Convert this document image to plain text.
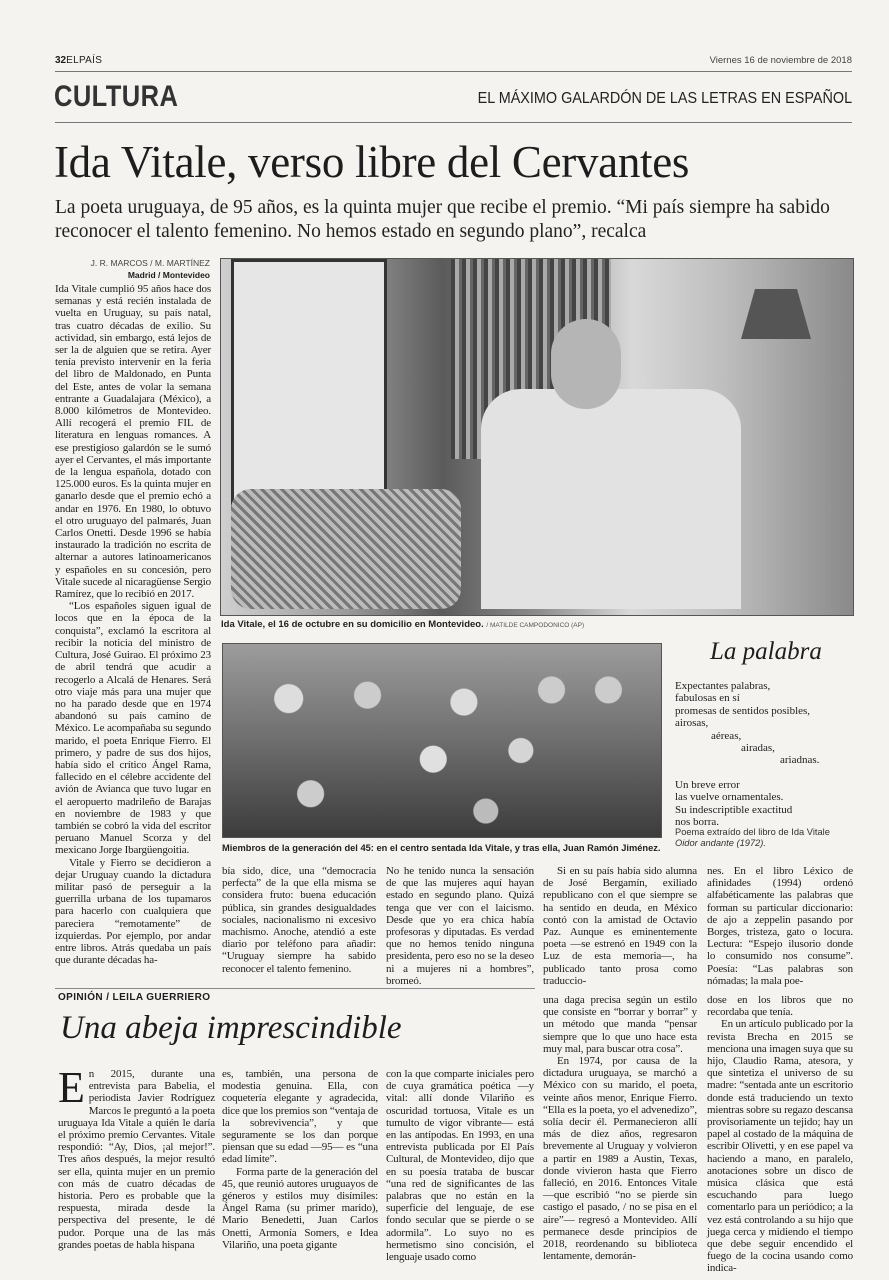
32ELPAÍS	Viernes 16 de noviembre de 2018
CULTURA	EL MÁXIMO GALARDÓN DE LAS LETRAS EN ESPAÑOL
Ida Vitale, verso libre del Cervantes
La poeta uruguaya, de 95 años, es la quinta mujer que recibe el premio. “Mi país siempre ha sabido reconocer el talento femenino. No hemos estado en segundo plano”, recalca
J. R. MARCOS / M. MARTÍNEZ
Madrid / Montevideo

Ida Vitale cumplió 95 años hace dos semanas y está recién instalada de vuelta en Uruguay, su país natal, tras cuatro décadas de exilio. Su actividad, sin embargo, está lejos de ser la de alguien que se retira. Ayer tenía previsto intervenir en la feria del libro de Maldonado, en Punta del Este, antes de volar la semana entrante a Guadalajara (México), a 8.000 kilómetros de Montevideo. Allí recogerá el premio FIL de literatura en lenguas romances. A ese prestigioso galardón se le sumó ayer el Cervantes, el más importante de la lengua española, dotado con 125.000 euros. Es la quinta mujer en ganarlo desde que el premio echó a andar en 1976. En 1980, lo obtuvo el otro uruguayo del palmarés, Juan Carlos Onetti. Desde 1996 se había instaurado la tradición no escrita de alternar a autores latinoamericanos y españoles en su concesión, pero Vitale sucede al nicaragüense Sergio Ramírez, que lo recibió en 2017.

“Los españoles siguen igual de locos que en la época de la conquista”, exclamó la escritora al recibir la noticia del ministro de Cultura, José Guirao. El próximo 23 de abril tendrá que acudir a recogerlo a Alcalá de Henares. Será otro viaje más para una mujer que no ha parado desde que en 1974 abandonó su país camino de México. Le acompañaba su segundo marido, el poeta Enrique Fierro. El primero, y padre de sus dos hijos, había sido el crítico Ángel Rama, fallecido en el célebre accidente del avión de Avianca que tuvo lugar en el aeropuerto madrileño de Barajas en noviembre de 1983 y que también se cobró la vida del escritor peruano Manuel Scorza y del mexicano Jorge Ibargüengoitia.

Vitale y Fierro se decidieron a dejar Uruguay cuando la dictadura militar pasó de perseguir a la guerrilla urbana de los tupamaros para hacerlo con cualquiera que pareciera “remotamente” de izquierdas. Por ejemplo, por andar entre libros. Atrás quedaba un país que durante décadas ha-

Ida Vitale, el 16 de octubre en su domicilio en Montevideo. / MATILDE CAMPODONICO (AP)
Miembros de la generación del 45: en el centro sentada Ida Vitale, y tras ella, Juan Ramón Jiménez.
La palabra
Expectantes palabras,
fabulosas en sí
promesas de sentidos posibles,
airosas,
aéreas,
airadas,
ariadnas.
Un breve error
las vuelve ornamentales.
Su indescriptible exactitud
nos borra.
Poema extraído del libro de Ida Vitale
Oidor andante (1972).

bía sido, dice, una “democracia perfecta” de la que ella misma se considera fruto: buena educación pública, sin grandes desigualdades sociales, nacionalismo ni excesivo machismo. Anoche, atendió a este diario por teléfono para añadir: “Uruguay siempre ha sabido reconocer el talento femenino.

No he tenido nunca la sensación de que las mujeres aquí hayan estado en segundo plano. Quizá tenga que ver con el laicismo. Desde que yo era chica había profesoras y diputadas. Es verdad que no hemos tenido ninguna presidenta, pero eso no se la deseo ni a mujeres ni a hombres”, bromeó.

Si en su país había sido alumna de José Bergamín, exiliado republicano con el que siempre se ha sentido en deuda, en México contó con la amistad de Octavio Paz. Aunque es eminentemente poeta —se estrenó en 1949 con la Luz de esta memoria—, ha publicado tanto prosa como traduccio-

nes. En el libro Léxico de afinidades (1994) ordenó alfabéticamente las palabras que forman su particular diccionario: de ajo a zeppelin pasando por Borges, tristeza, gato o locura. Lectura: “Espejo ilusorio donde lo consumido nos consume”. Poesía: “Las palabras son nómadas; la mala poe-

OPINIÓN / LEILA GUERRIERO
Una abeja imprescindible

En 2015, durante una entrevista para Babelia, el periodista Javier Rodríguez Marcos le preguntó a la poeta uruguaya Ida Vitale a quién le daría el próximo premio Cervantes. Vitale respondió: “Ay, Dios, ¡al mejor!”. Tres años después, la mejor resultó ser ella, quinta mujer en un premio con más de cuatro décadas de historia. Pero es probable que la respuesta, mirada desde la perspectiva del presente, le dé pudor. Porque una de las más grandes poetas de habla hispana

es, también, una persona de modestia genuina. Ella, con coquetería elegante y agradecida, dice que los premios son “ventaja de la sobrevivencia”, y que seguramente se los dan porque piensan que su edad —95— es “una edad límite”.

Forma parte de la generación del 45, que reunió autores uruguayos de géneros y estilos muy disímiles: Ángel Rama (su primer marido), Mario Benedetti, Juan Carlos Onetti, Armonía Somers, e Idea Vilariño, una poeta gigante

con la que comparte iniciales pero de cuya gramática poética —y vital: allí donde Vilariño es oscuridad tortuosa, Vitale es un tumulto de vigor vibrante— está en las antípodas. En 1993, en una entrevista publicada por El País Cultural, de Montevideo, dijo que en su poesía trataba de buscar “una red de significantes de las palabras que no están en la superficie del lenguaje, de ese fondo secular que se pierde o se adormila”. Lo suyo no es hermetismo sino concisión, el lenguaje usado como

una daga precisa según un estilo que consiste en “borrar y borrar” y un método que manda “pensar siempre que lo que uno hace esta muy mal, para buscar otra cosa”.

En 1974, por causa de la dictadura uruguaya, se marchó a México con su marido, el poeta, veinte años menor, Enrique Fierro. “Ella es la poeta, yo el advenedizo”, solía decir él. Permanecieron allí más de diez años, regresaron brevemente al Uruguay y volvieron a partir en 1989 a Austin, Texas, donde vivieron hasta que Fierro falleció, en 2016. Entonces Vitale —que escribió “no se pierde sin castigo el pasado, / no se pisa en el aire”— regresó a Montevideo. Allí permanece desde principios de 2018, reordenando su biblioteca lentamente, demorán-

dose en los libros que no recordaba que tenía.

En un artículo publicado por la revista Brecha en 2015 se menciona una imagen suya que su hijo, Claudio Rama, atesora, y que sintetiza el universo de su madre: “sentada ante un escritorio donde está traduciendo un texto mientras sobre su regazo descansa provisoriamente un tejido; hay un papel al costado de la máquina de escribir Olivetti, y en ese papel va haciendo a mano, en paralelo, anotaciones sobre un disco de música clásica que está escuchando para luego comentarlo para un periódico; a la vez está controlando a su hijo que juega cerca y midiendo el tiempo que debe seguir encendido el fuego de la cocina usando como indica-
